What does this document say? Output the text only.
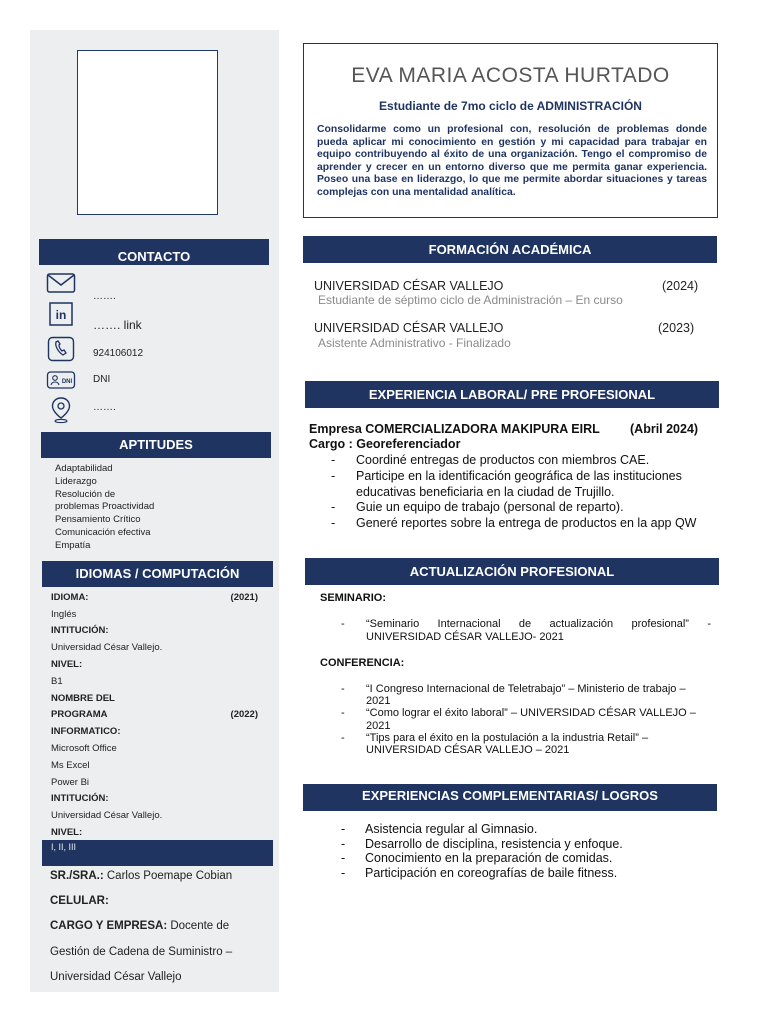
CONTACTO
…….
in
……. link
924106012
DNI DNI
…….
APTITUDES
Adaptabilidad
Liderazgo
Resolución de
problemas Proactividad
Pensamiento Crítico
Comunicación efectiva
Empatía
IDIOMAS / COMPUTACIÓN
IDIOMA:	(2021)
Inglés
INTITUCIÓN:
Universidad César Vallejo.
NIVEL:
B1
NOMBRE DEL
PROGRAMA	(2022)
INFORMATICO:
Microsoft Office
Ms Excel
Power Bi
INTITUCIÓN:
Universidad César Vallejo.
NIVEL:
I, II, III
SR./SRA.: Carlos Poemape Cobian
CELULAR:
CARGO Y EMPRESA: Docente de
Gestión de Cadena de Suministro –
Universidad César Vallejo
EVA MARIA ACOSTA HURTADO
Estudiante de 7mo ciclo de ADMINISTRACIÓN
Consolidarme como un profesional con, resolución de problemas donde pueda aplicar mi conocimiento en gestión y mi capacidad para trabajar en equipo contribuyendo al éxito de una organización. Tengo el compromiso de aprender y crecer en un entorno diverso que me permita ganar experiencia. Poseo una base en liderazgo, lo que me permite abordar situaciones y tareas complejas con una mentalidad analítica.
FORMACIÓN ACADÉMICA
UNIVERSIDAD CÉSAR VALLEJO	(2024)
Estudiante de séptimo ciclo de Administración – En curso
UNIVERSIDAD CÉSAR VALLEJO	(2023)
Asistente Administrativo - Finalizado
EXPERIENCIA LABORAL/ PRE PROFESIONAL
Empresa COMERCIALIZADORA MAKIPURA EIRL (Abril 2024)
Cargo : Georeferenciador
- Coordiné entregas de productos con miembros CAE.
- Participe en la identificación geográfica de las instituciones educativas beneficiaria en la ciudad de Trujillo.
- Guie un equipo de trabajo (personal de reparto).
- Generé reportes sobre la entrega de productos en la app QW
ACTUALIZACIÓN PROFESIONAL
SEMINARIO:
- “Seminario Internacional de actualización profesional” - UNIVERSIDAD CÉSAR VALLEJO- 2021
CONFERENCIA:
- “I Congreso Internacional de Teletrabajo” – Ministerio de trabajo – 2021
- “Como lograr el éxito laboral” – UNIVERSIDAD CÉSAR VALLEJO – 2021
- “Tips para el éxito en la postulación a la industria Retail” – UNIVERSIDAD CÉSAR VALLEJO – 2021
EXPERIENCIAS COMPLEMENTARIAS/ LOGROS
- Asistencia regular al Gimnasio.
- Desarrollo de disciplina, resistencia y enfoque.
- Conocimiento en la preparación de comidas.
- Participación en coreografías de baile fitness.
